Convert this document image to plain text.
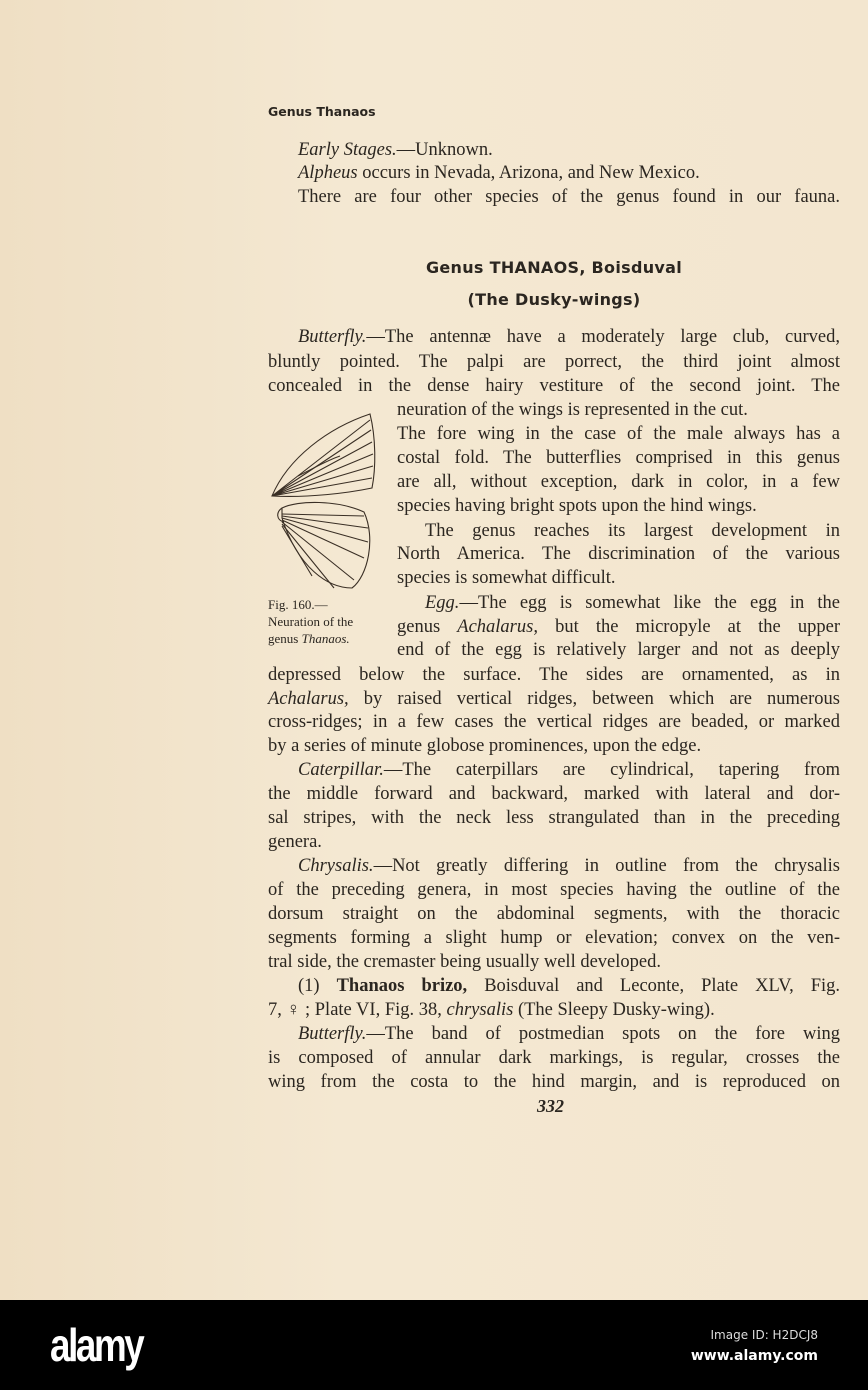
Genus Thanaos
Genus THANAOS, Boisduval
(The Dusky-wings)
Early Stages.—Unknown.
Alpheus occurs in Nevada, Arizona, and New Mexico.
There are four other species of the genus found in our fauna.
Butterfly.—The antennæ have a moderately large club, curved,
bluntly pointed. The palpi are porrect, the third joint almost
concealed in the dense hairy vestiture of the second joint. The
neuration of the wings is represented in the cut.
The fore wing in the case of the male always has a
costal fold. The butterflies comprised in this genus
are all, without exception, dark in color, in a few
species having bright spots upon the hind wings.
The genus reaches its largest development in
North America. The discrimination of the various
species is somewhat difficult.
Egg.—The egg is somewhat like the egg in the
genus Achalarus, but the micropyle at the upper
end of the egg is relatively larger and not as deeply
depressed below the surface. The sides are ornamented, as in
Achalarus, by raised vertical ridges, between which are numerous
cross-ridges; in a few cases the vertical ridges are beaded, or marked
by a series of minute globose prominences, upon the edge.
Caterpillar.—The caterpillars are cylindrical, tapering from
the middle forward and backward, marked with lateral and dor-
sal stripes, with the neck less strangulated than in the preceding
genera.
Chrysalis.—Not greatly differing in outline from the chrysalis
of the preceding genera, in most species having the outline of the
dorsum straight on the abdominal segments, with the thoracic
segments forming a slight hump or elevation; convex on the ven-
tral side, the cremaster being usually well developed.
(1) Thanaos brizo, Boisduval and Leconte, Plate XLV, Fig.
7, ♀ ; Plate VI, Fig. 38, chrysalis (The Sleepy Dusky-wing).
Butterfly.—The band of postmedian spots on the fore wing
is composed of annular dark markings, is regular, crosses the
wing from the costa to the hind margin, and is reproduced on
Fig. 160.—
Neuration of the
genus Thanaos.
332
alamy	Image ID: H2DCJ8
www.alamy.com
